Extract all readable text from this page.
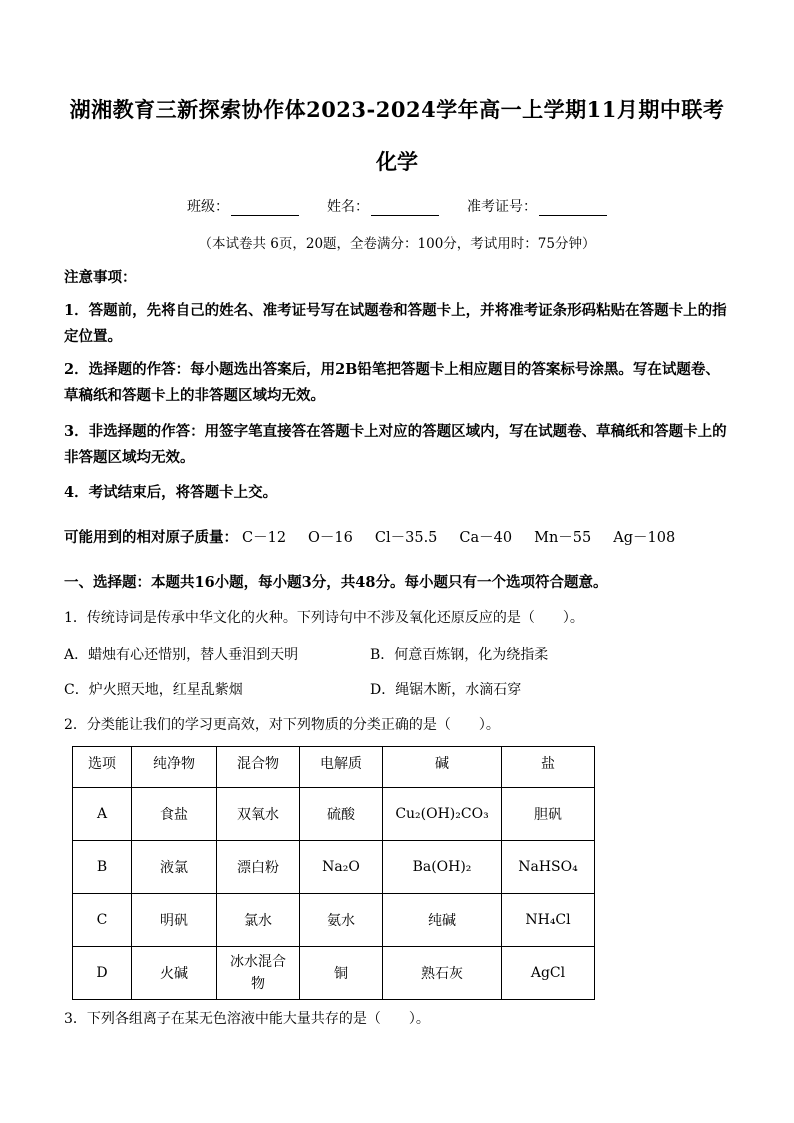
湖湘教育三新探索协作体2023-2024学年高一上学期11月期中联考
化学
班级：	姓名：	准考证号：
（本试卷共 6页，20题，全卷满分：100分，考试用时：75分钟）
注意事项：
1．答题前，先将自己的姓名、准考证号写在试题卷和答题卡上，并将准考证条形码粘贴在答题卡上的指定位置。
2．选择题的作答：每小题选出答案后，用2B铅笔把答题卡上相应题目的答案标号涂黑。写在试题卷、草稿纸和答题卡上的非答题区域均无效。
3．非选择题的作答：用签字笔直接答在答题卡上对应的答题区域内，写在试题卷、草稿纸和答题卡上的非答题区域均无效。
4．考试结束后，将答题卡上交。
可能用到的相对原子质量： C－12 O－16 Cl－35.5 Ca－40 Mn－55 Ag－108
一、选择题：本题共16小题，每小题3分，共48分。每小题只有一个选项符合题意。
1．传统诗词是传承中华文化的火种。下列诗句中不涉及氧化还原反应的是（　　）。
A．蜡烛有心还惜别，替人垂泪到天明	B．何意百炼钢，化为绕指柔
C．炉火照天地，红星乱紫烟	D．绳锯木断，水滴石穿
2．分类能让我们的学习更高效，对下列物质的分类正确的是（　　）。
选项	纯净物	混合物	电解质	碱	盐
A	食盐	双氧水	硫酸	Cu₂(OH)₂CO₃	胆矾
B	液氯	漂白粉	Na₂O	Ba(OH)₂	NaHSO₄
C	明矾	氯水	氨水	纯碱	NH₄Cl
D	火碱	冰水混合物	铜	熟石灰	AgCl
3．下列各组离子在某无色溶液中能大量共存的是（　　）。
